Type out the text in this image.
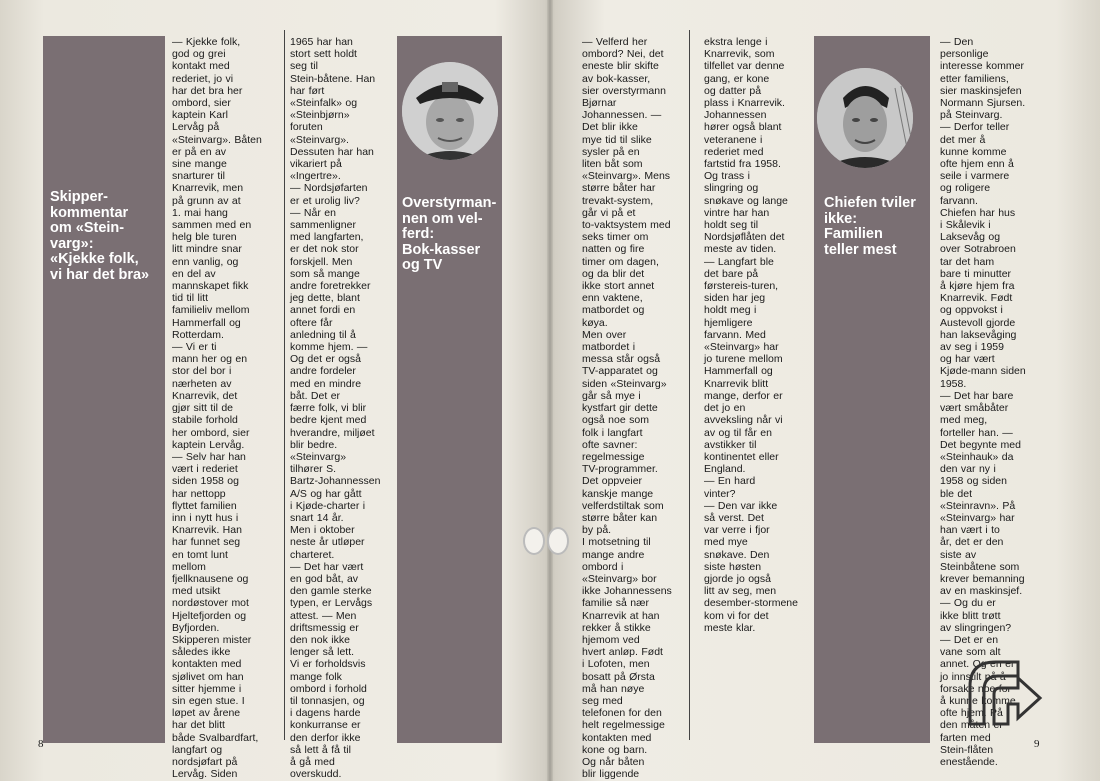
Skipper-
kommentar
om «Stein-
varg»:
«Kjekke folk,
vi har det bra»

— Kjekke folk,

god og grei

kontakt med

rederiet, jo vi

har det bra her

ombord, sier

kaptein Karl

Lervåg på

«Steinvarg». Båten

er på en av

sine mange

snarturer til

Knarrevik, men

på grunn av at

1. mai hang

sammen med en

helg ble turen

litt mindre snar

enn vanlig, og

en del av

mannskapet fikk

tid til litt

familieliv mellom

Hammerfall og

Rotterdam.

— Vi er ti

mann her og en

stor del bor i

nærheten av

Knarrevik, det

gjør sitt til de

stabile forhold

her ombord, sier

kaptein Lervåg.

— Selv har han

vært i rederiet

siden 1958 og

har nettopp

flyttet familien

inn i nytt hus i

Knarrevik. Han

har funnet seg

en tomt lunt

mellom

fjellknausene og

med utsikt

nordøstover mot

Hjeltefjorden og

Byfjorden.

Skipperen mister

således ikke

kontakten med

sjølivet om han

sitter hjemme i

sin egen stue. I

løpet av årene

har det blitt

både Svalbardfart,

langfart og

nordsjøfart på

Lervåg. Siden

1965 har han

stort sett holdt

seg til

Stein-båtene. Han

har ført

«Steinfalk» og

«Steinbjørn»

foruten

«Steinvarg».

Dessuten har han

vikariert på

«Ingertre».

— Nordsjøfarten

er et urolig liv?

— Når en

sammenligner

med langfarten,

er det nok stor

forskjell. Men

som så mange

andre foretrekker

jeg dette, blant

annet fordi en

oftere får

anledning til å

komme hjem. —

Og det er også

andre fordeler

med en mindre

båt. Det er

færre folk, vi blir

bedre kjent med

hverandre, miljøet

blir bedre.

«Steinvarg»

tilhører S.

Bartz-Johannessen

A/S og har gått

i Kjøde-charter i

snart 14 år.

Men i oktober

neste år utløper

charteret.

— Det har vært

en god båt, av

den gamle sterke

typen, er Lervågs

attest. — Men

driftsmessig er

den nok ikke

lenger så lett.

Vi er forholdsvis

mange folk

ombord i forhold

til tonnasjen, og

i dagens harde

konkurranse er

den derfor ikke

så lett å få til

å gå med

overskudd.

Overstyrman-
nen om vel-
ferd:
Bok-kasser
og TV

— Velferd her

ombord? Nei, det

eneste blir skifte

av bok-kasser,

sier overstyrmann

Bjørnar

Johannessen. —

Det blir ikke

mye tid til slike

sysler på en

liten båt som

«Steinvarg». Mens

større båter har

trevakt-system,

går vi på et

to-vaktsystem med

seks timer om

natten og fire

timer om dagen,

og da blir det

ikke stort annet

enn vaktene,

matbordet og

køya.

Men over

matbordet i

messa står også

TV-apparatet og

siden «Steinvarg»

går så mye i

kystfart gir dette

også noe som

folk i langfart

ofte savner:

regelmessige

TV-programmer.

Det oppveier

kanskje mange

velferdstiltak som

større båter kan

by på.

I motsetning til

mange andre

ombord i

«Steinvarg» bor

ikke Johannessens

familie så nær

Knarrevik at han

rekker å stikke

hjemom ved

hvert anløp. Født

i Lofoten, men

bosatt på Ørsta

må han nøye

seg med

telefonen for den

helt regelmessige

kontakten med

kone og barn.

Og når båten

blir liggende

8

ekstra lenge i

Knarrevik, som

tilfellet var denne

gang, er kone

og datter på

plass i Knarrevik.

Johannessen

hører også blant

veteranene i

rederiet med

fartstid fra 1958.

Og trass i

slingring og

snøkave og lange

vintre har han

holdt seg til

Nordsjøflåten det

meste av tiden.

— Langfart ble

det bare på

førstereis-turen,

siden har jeg

holdt meg i

hjemligere

farvann. Med

«Steinvarg» har

jo turene mellom

Hammerfall og

Knarrevik blitt

mange, derfor er

det jo en

avveksling når vi

av og til får en

avstikker til

kontinentet eller

England.

— En hard

vinter?

— Den var ikke

så verst. Det

var verre i fjor

med mye

snøkave. Den

siste høsten

gjorde jo også

litt av seg, men

desember-stormene

kom vi for det

meste klar.

Chiefen tviler
ikke:
Familien
teller mest

— Den

personlige

interesse kommer

etter familiens,

sier maskinsjefen

Normann Sjursen.

på Steinvarg.

— Derfor teller

det mer å

kunne komme

ofte hjem enn å

seile i varmere

og roligere

farvann.

Chiefen har hus

i Skålevik i

Laksevåg og

over Sotrabroen

tar det ham

bare ti minutter

å kjøre hjem fra

Knarrevik. Født

og oppvokst i

Austevoll gjorde

han laksevåging

av seg i 1959

og har vært

Kjøde-mann siden

1958.

— Det har bare

vært småbåter

med meg,

forteller han. —

Det begynte med

«Steinhauk» da

den var ny i

1958 og siden

ble det

«Steinravn». På

«Steinvarg» har

han vært i to

år, det er den

siste av

Steinbåtene som

krever bemanning

av en maskinsjef.

— Og du er

ikke blitt trøtt

av slingringen?

— Det er en

vane som alt

annet. Og en er

jo innstilt på å

forsake noe for

å kunne komme

ofte hjem. På

den måten er

farten med

Stein-flåten

enestående.

9
